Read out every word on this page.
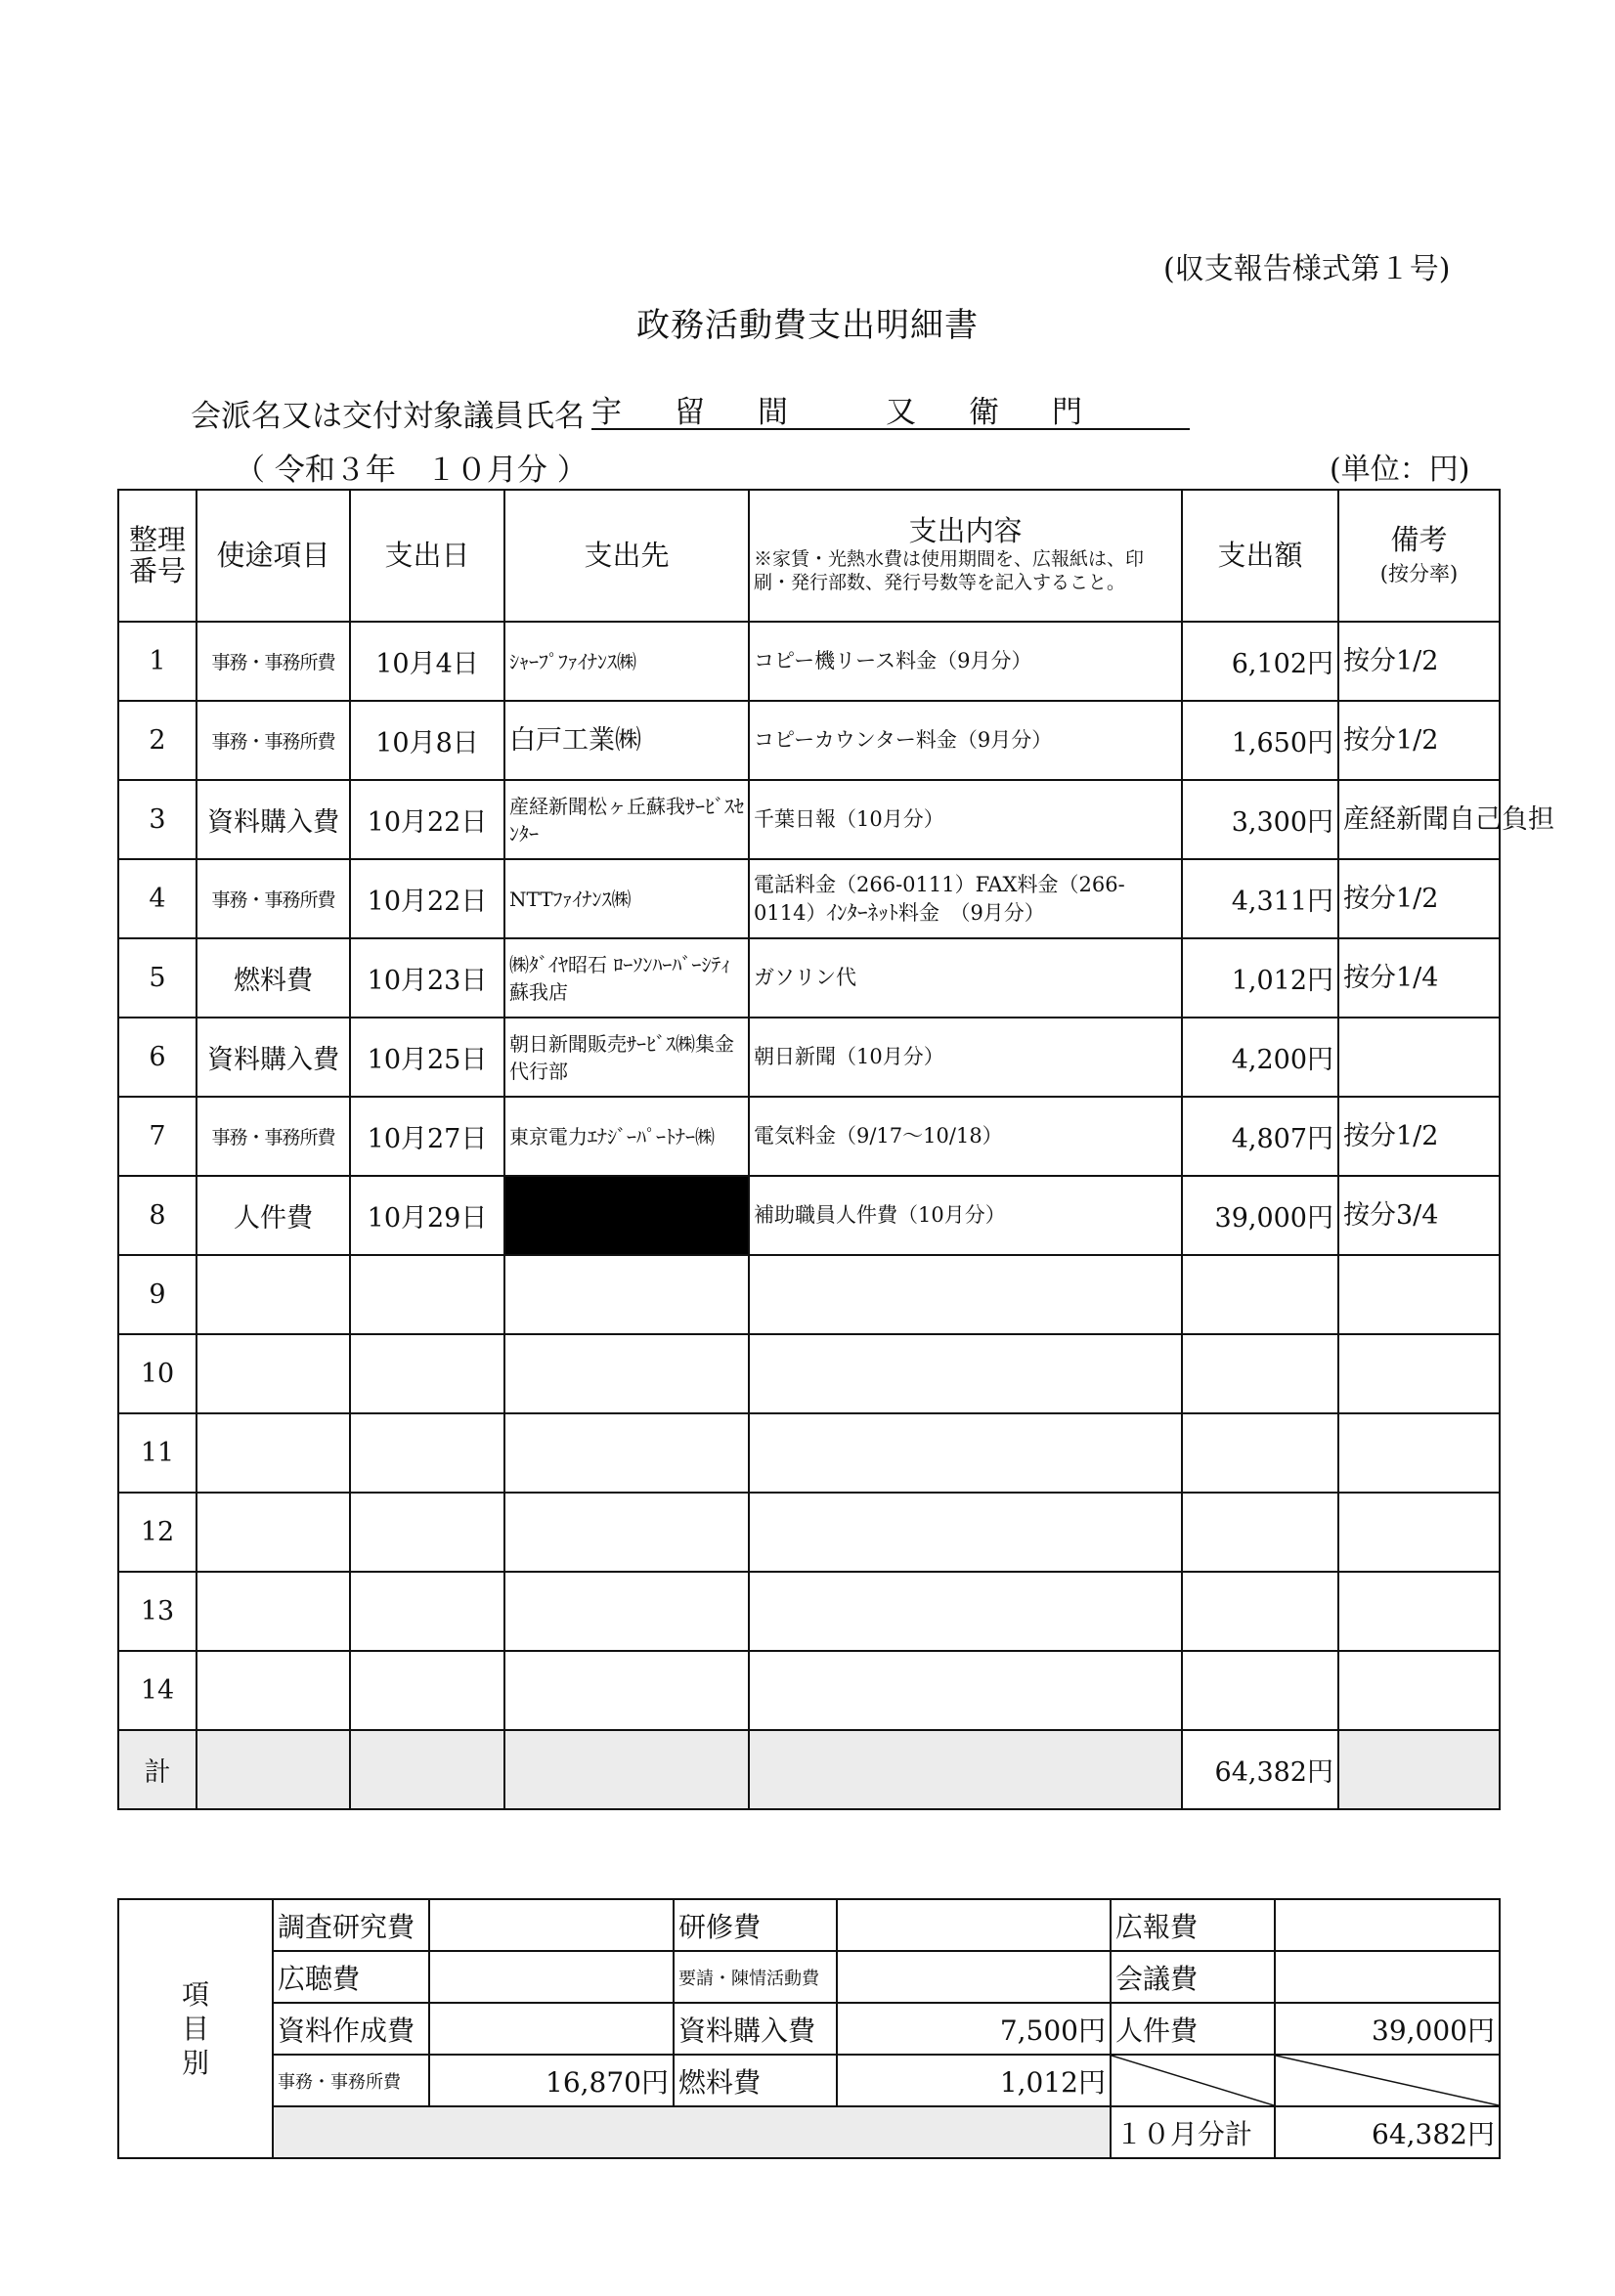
(収支報告様式第１号)
政務活動費支出明細書
会派名又は交付対象議員氏名 宇 留 間	又 衛 門
（ 令和３年　１０月分 ）	(単位：円)
整理
番号	使途項目	支出日	支出先	支出内容
※家賃・光熱水費は使用期間を、広報紙は、印刷・発行部数、発行号数等を記入すること。	支出額	備考
(按分率)
1	事務・事務所費	10月4日	ｼｬｰﾌﾟﾌｧｲﾅﾝｽ㈱	コピー機リース料金（9月分）	6,102円	按分1/2
2	事務・事務所費	10月8日	白戸工業㈱	コピーカウンター料金（9月分）	1,650円	按分1/2
3	資料購入費	10月22日	産経新聞松ヶ丘蘇我ｻｰﾋﾞｽｾﾝﾀｰ	千葉日報（10月分）	3,300円	産経新聞自己負担
4	事務・事務所費	10月22日	NTTﾌｧｲﾅﾝｽ㈱	電話料金（266-0111）FAX料金（266-0114）ｲﾝﾀｰﾈｯﾄ料金　（9月分）	4,311円	按分1/2
5	燃料費	10月23日	㈱ﾀﾞｲﾔ昭石 ﾛｰｿﾝﾊｰﾊﾞｰｼﾃｨ蘇我店	ガソリン代	1,012円	按分1/4
6	資料購入費	10月25日	朝日新聞販売ｻｰﾋﾞｽ㈱集金代行部	朝日新聞（10月分）	4,200円	
7	事務・事務所費	10月27日	東京電力ｴﾅｼﾞｰﾊﾟｰﾄﾅｰ㈱	電気料金（9/17～10/18）	4,807円	按分1/2
8	人件費	10月29日		補助職員人件費（10月分）	39,000円	按分3/4
9						
10						
11						
12						
13						
14						
計					64,382円	
項
目
別	調査研究費		研修費		広報費	
	広聴費		要請・陳情活動費		会議費	
	資料作成費		資料購入費	7,500円	人件費	39,000円
	事務・事務所費	16,870円	燃料費	1,012円		
					１０月分計	64,382円
